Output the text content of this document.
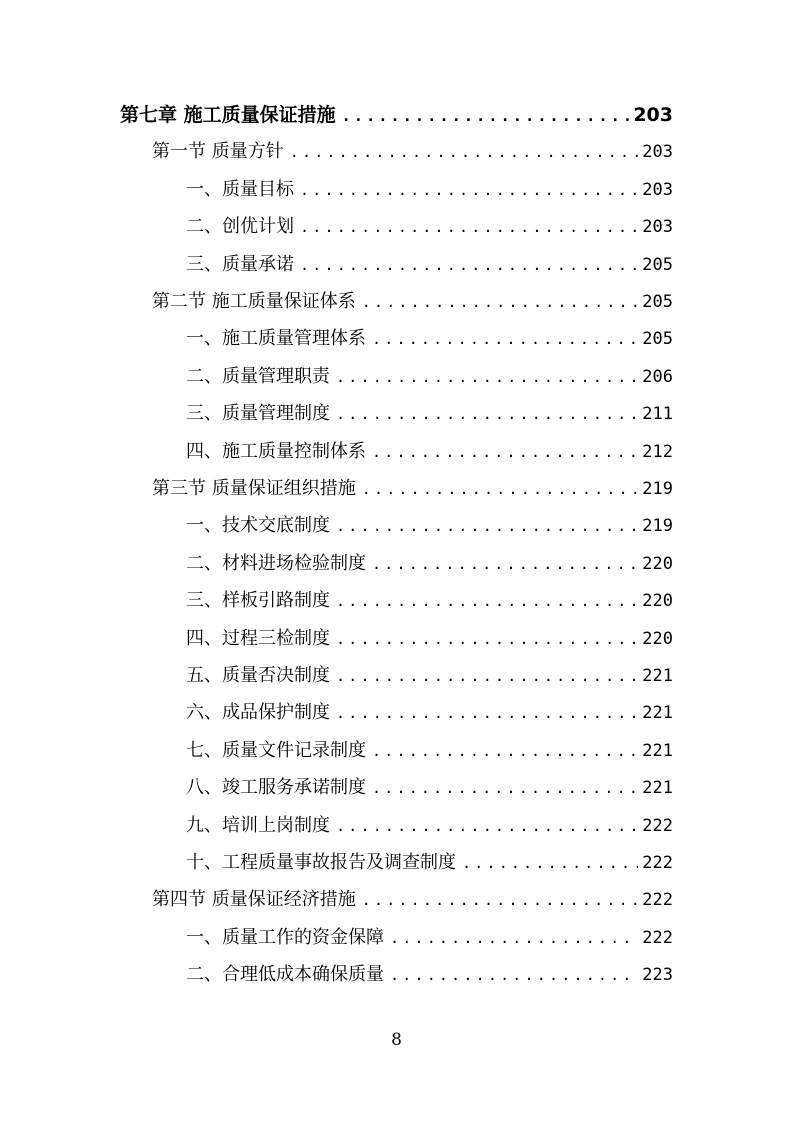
第七章 施工质量保证措施 .....	203
第一节 质量方针 .....	203
一、质量目标 .....	203
二、创优计划 .....	203
三、质量承诺 .....	205
第二节 施工质量保证体系 .....	205
一、施工质量管理体系 .....	205
二、质量管理职责 .....	206
三、质量管理制度 .....	211
四、施工质量控制体系 .....	212
第三节 质量保证组织措施 .....	219
一、技术交底制度 .....	219
二、材料进场检验制度 .....	220
三、样板引路制度 .....	220
四、过程三检制度 .....	220
五、质量否决制度 .....	221
六、成品保护制度 .....	221
七、质量文件记录制度 .....	221
八、竣工服务承诺制度 .....	221
九、培训上岗制度 .....	222
十、工程质量事故报告及调查制度 .....	222
第四节 质量保证经济措施 .....	222
一、质量工作的资金保障 .....	222
二、合理低成本确保质量 .....	223
8
